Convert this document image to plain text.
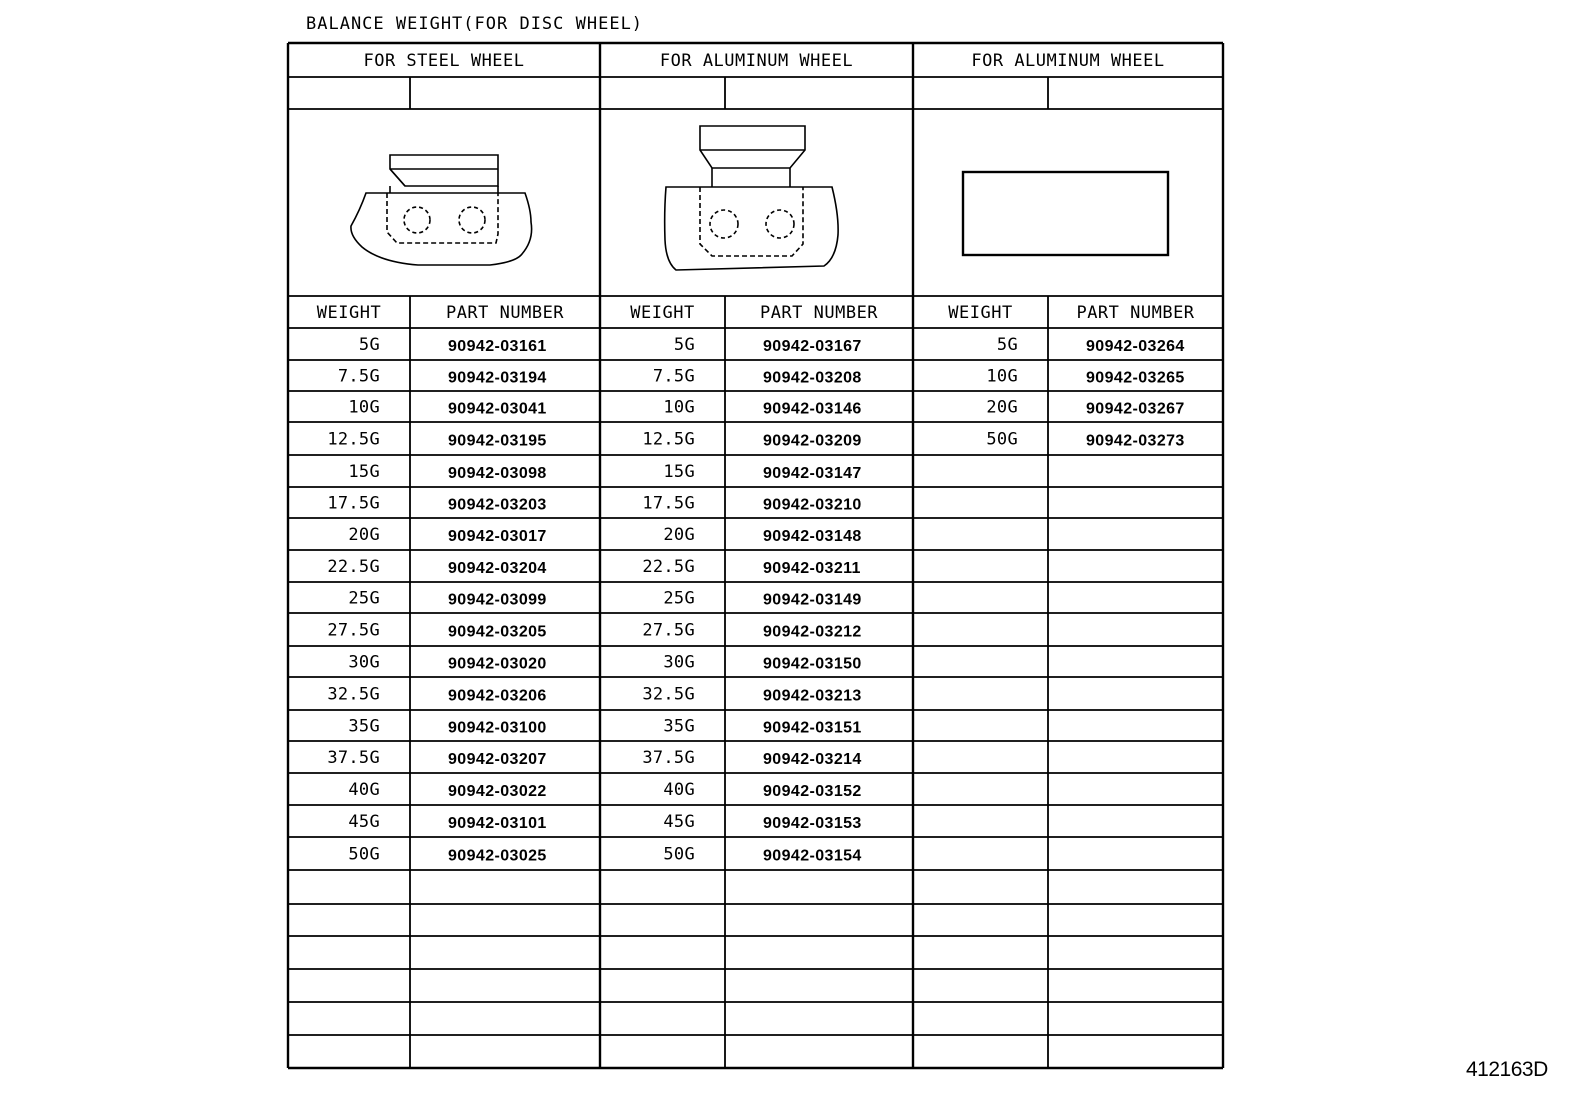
BALANCE WEIGHT(FOR DISC WHEEL)
FOR STEEL WHEEL
WEIGHT	PART NUMBER
5G	90942-03161
7.5G	90942-03194
10G	90942-03041
12.5G	90942-03195
15G	90942-03098
17.5G	90942-03203
20G	90942-03017
22.5G	90942-03204
25G	90942-03099
27.5G	90942-03205
30G	90942-03020
32.5G	90942-03206
35G	90942-03100
37.5G	90942-03207
40G	90942-03022
45G	90942-03101
50G	90942-03025
FOR ALUMINUM WHEEL
WEIGHT	PART NUMBER
5G	90942-03167
7.5G	90942-03208
10G	90942-03146
12.5G	90942-03209
15G	90942-03147
17.5G	90942-03210
20G	90942-03148
22.5G	90942-03211
25G	90942-03149
27.5G	90942-03212
30G	90942-03150
32.5G	90942-03213
35G	90942-03151
37.5G	90942-03214
40G	90942-03152
45G	90942-03153
50G	90942-03154
FOR ALUMINUM WHEEL
WEIGHT	PART NUMBER
5G	90942-03264
10G	90942-03265
20G	90942-03267
50G	90942-03273
412163D
